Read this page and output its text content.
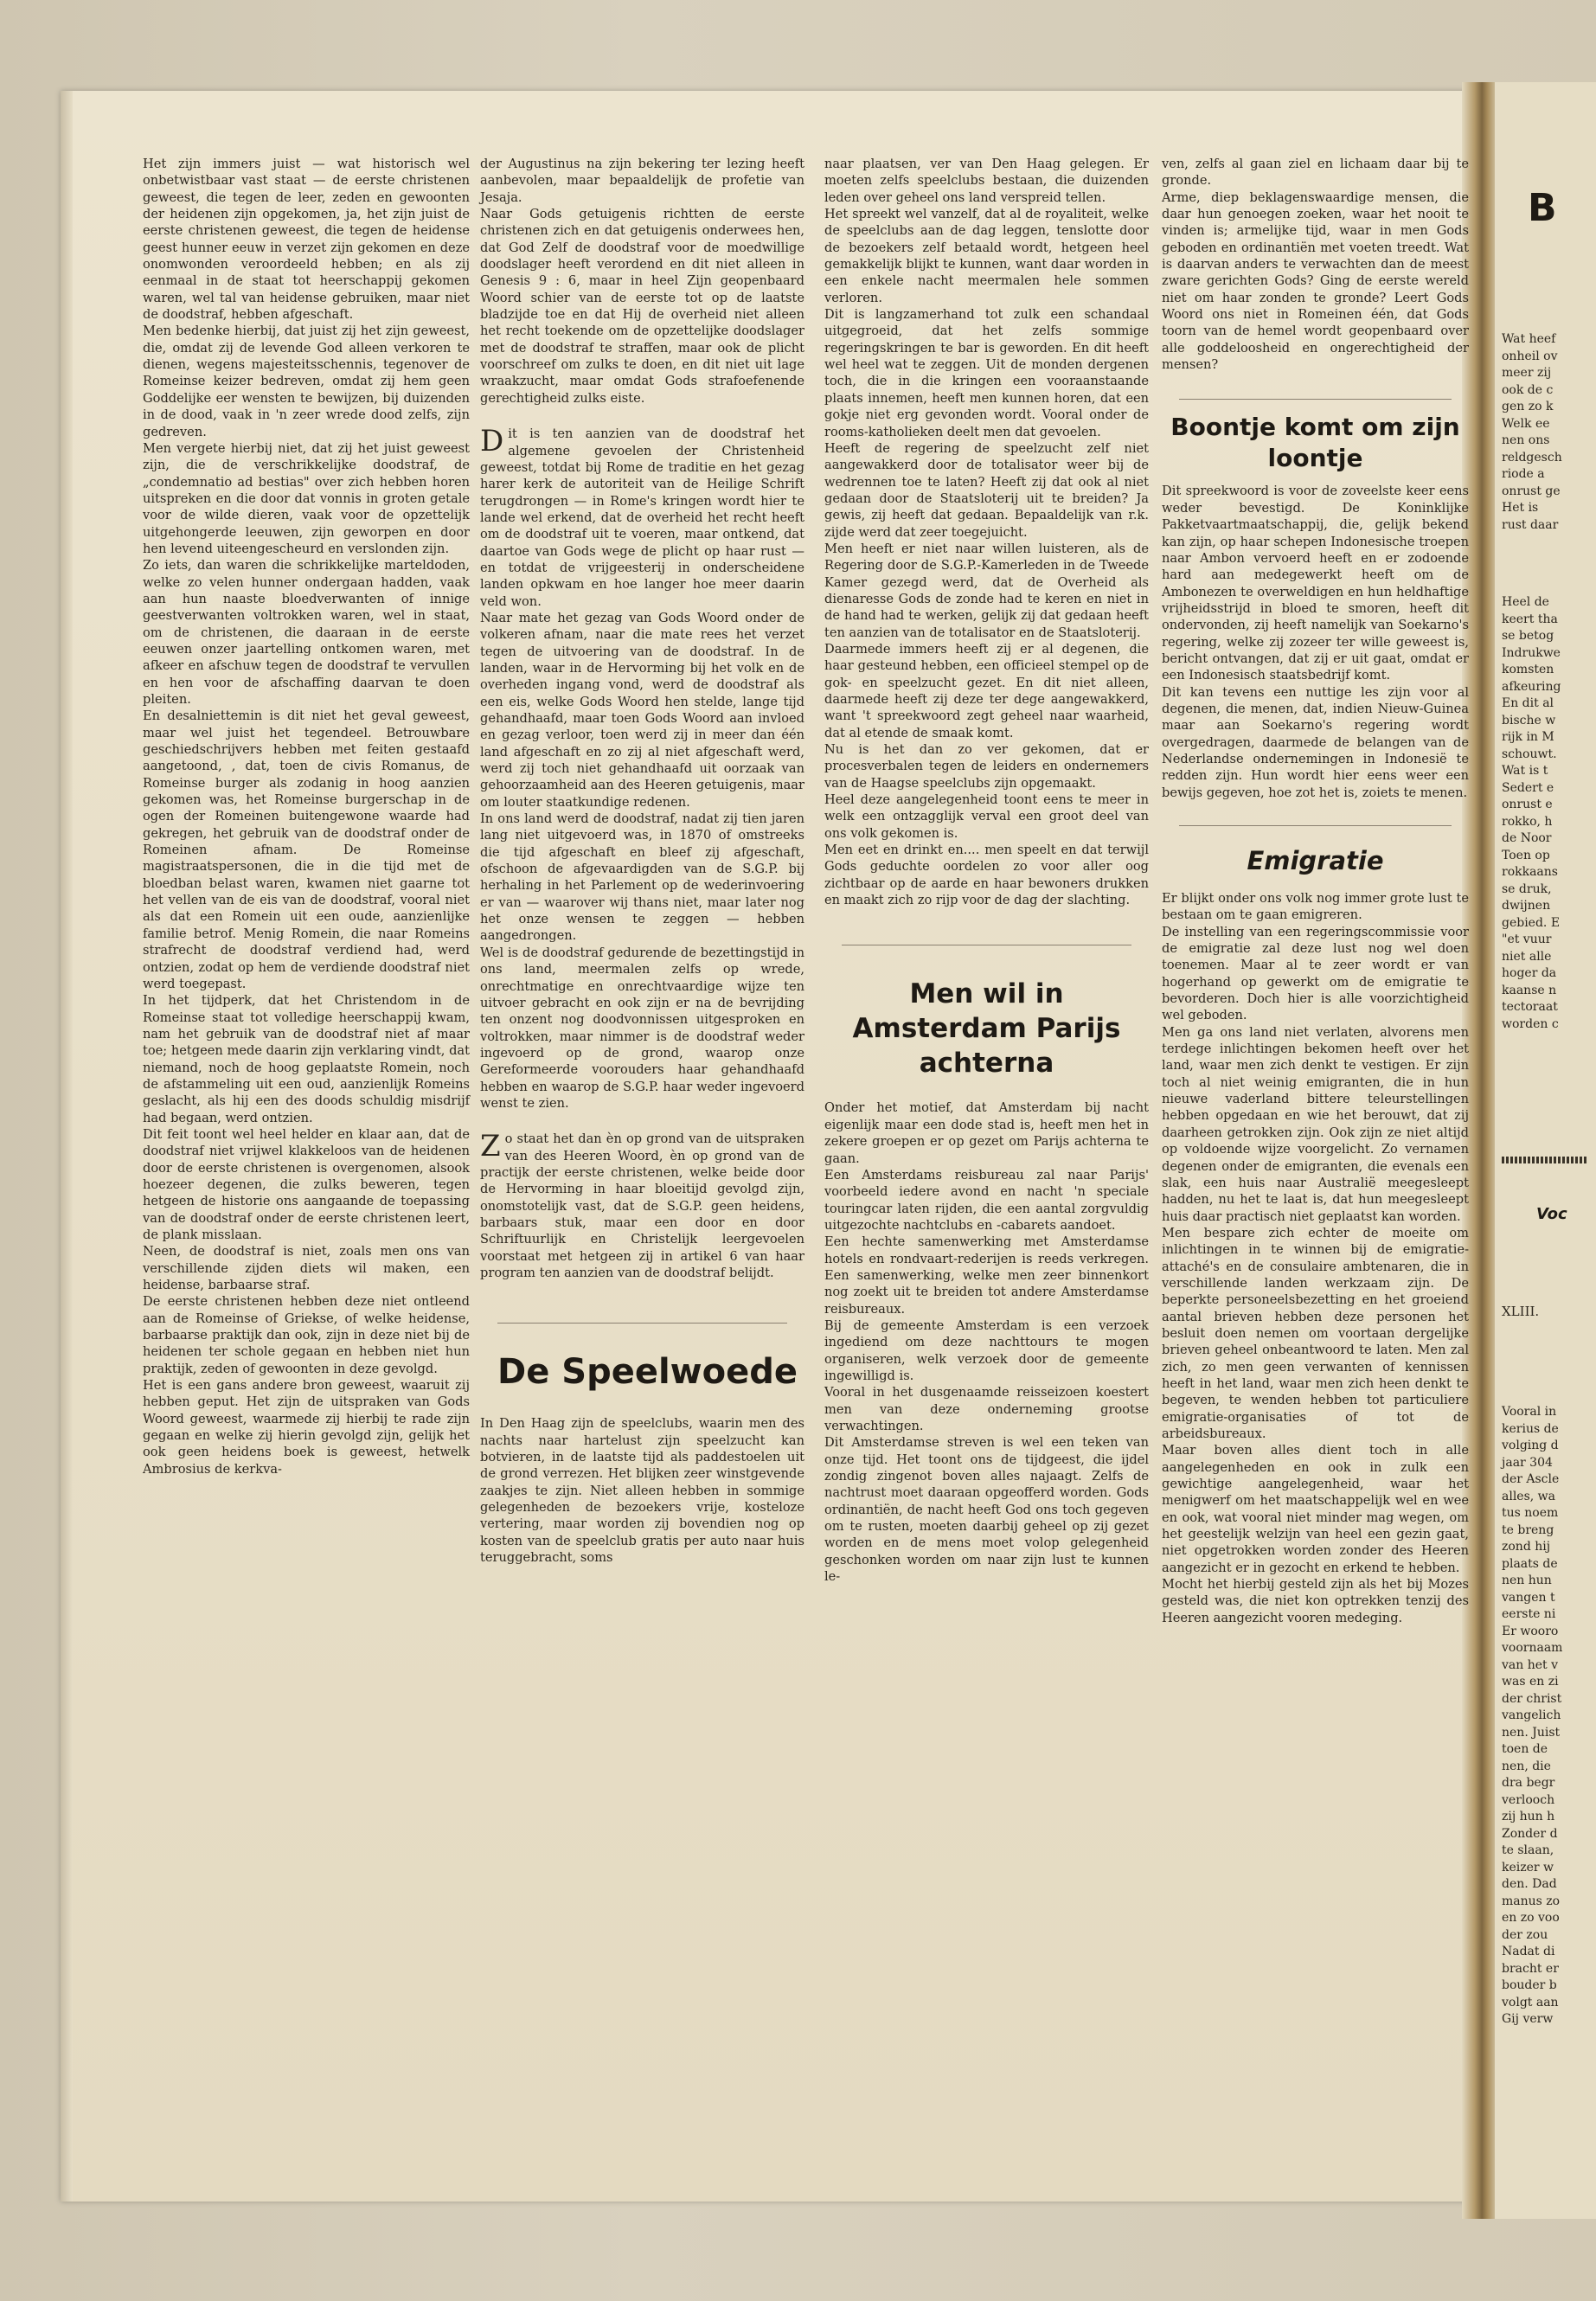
B
Wat heef
onheil ov
meer zij
ook de c
gen zo k
Welk ee
nen ons
reldgesch
riode a
onrust ge
Het is
rust daar
Heel de
keert tha
se betog
Indrukwe
komsten
afkeuring
En dit al
bische w
rijk in M
schouwt.
Wat is t
Sedert e
onrust e
rokko, h
de Noor
Toen op
rokkaans
se druk,
dwijnen
gebied. E
"et vuur
niet alle
hoger da
kaanse n
tectoraat
worden c
Voc
XLIII.
Vooral in
kerius de
volging d
jaar 304
der Ascle
alles, wa
tus noem
te breng
zond hij
plaats de
nen hun
vangen t
eerste ni
Er wooro
voornaam
van het v
was en zi
der christ
vangelich
nen. Juist
toen de
nen, die
dra begr
verlooch
zij hun h
Zonder d
te slaan,
keizer w
den. Dad
manus zo
en zo voo
der zou
Nadat di
bracht er
bouder b
volgt aan
Gij verw

Het zijn immers juist — wat historisch wel onbetwistbaar vast staat — de eerste christenen geweest, die tegen de leer, zeden en gewoonten der heidenen zijn opgekomen, ja, het zijn juist de eerste christenen geweest, die tegen de heidense geest hunner eeuw in verzet zijn gekomen en deze onomwonden veroordeeld hebben; en als zij eenmaal in de staat tot heerschappij gekomen waren, wel tal van heidense gebruiken, maar niet de doodstraf, hebben afgeschaft.

Men bedenke hierbij, dat juist zij het zijn geweest, die, omdat zij de levende God alleen verkoren te dienen, wegens majesteitsschennis, tegenover de Romeinse keizer bedreven, omdat zij hem geen Goddelijke eer wensten te bewijzen, bij duizenden in de dood, vaak in 'n zeer wrede dood zelfs, zijn gedreven.

Men vergete hierbij niet, dat zij het juist geweest zijn, die de verschrikkelijke doodstraf, de „condemnatio ad bestias" over zich hebben horen uitspreken en die door dat vonnis in groten getale voor de wilde dieren, vaak voor de opzettelijk uitgehongerde leeuwen, zijn geworpen en door hen levend uiteengescheurd en verslonden zijn.

Zo iets, dan waren die schrikkelijke marteldoden, welke zo velen hunner ondergaan hadden, vaak aan hun naaste bloedverwanten of innige geestverwanten voltrokken waren, wel in staat, om de christenen, die daaraan in de eerste eeuwen onzer jaartelling ontkomen waren, met afkeer en afschuw tegen de doodstraf te vervullen en hen voor de afschaffing daarvan te doen pleiten.

En desalniettemin is dit niet het geval geweest, maar wel juist het tegendeel. Betrouwbare geschiedschrijvers hebben met feiten gestaafd aangetoond, , dat, toen de civis Romanus, de Romeinse burger als zodanig in hoog aanzien gekomen was, het Romeinse burgerschap in de ogen der Romeinen buitengewone waarde had gekregen, het gebruik van de doodstraf onder de Romeinen afnam. De Romeinse magistraatspersonen, die in die tijd met de bloedban belast waren, kwamen niet gaarne tot het vellen van de eis van de doodstraf, vooral niet als dat een Romein uit een oude, aanzienlijke familie betrof. Menig Romein, die naar Romeins strafrecht de doodstraf verdiend had, werd ontzien, zodat op hem de verdiende doodstraf niet werd toegepast.

In het tijdperk, dat het Christendom in de Romeinse staat tot volledige heerschappij kwam, nam het gebruik van de doodstraf niet af maar toe; hetgeen mede daarin zijn verklaring vindt, dat niemand, noch de hoog geplaatste Romein, noch de afstammeling uit een oud, aanzienlijk Romeins geslacht, als hij een des doods schuldig misdrijf had begaan, werd ontzien.

Dit feit toont wel heel helder en klaar aan, dat de doodstraf niet vrijwel klakkeloos van de heidenen door de eerste christenen is overgenomen, alsook hoezeer degenen, die zulks beweren, tegen hetgeen de historie ons aangaande de toepassing van de doodstraf onder de eerste christenen leert, de plank misslaan.

Neen, de doodstraf is niet, zoals men ons van verschillende zijden diets wil maken, een heidense, barbaarse straf.

De eerste christenen hebben deze niet ontleend aan de Romeinse of Griekse, of welke heidense, barbaarse praktijk dan ook, zijn in deze niet bij de heidenen ter schole gegaan en hebben niet hun praktijk, zeden of gewoonten in deze gevolgd.

Het is een gans andere bron geweest, waaruit zij hebben geput. Het zijn de uitspraken van Gods Woord geweest, waarmede zij hierbij te rade zijn gegaan en welke zij hierin gevolgd zijn, gelijk het ook geen heidens boek is geweest, hetwelk Ambrosius de kerkva-

der Augustinus na zijn bekering ter lezing heeft aanbevolen, maar bepaaldelijk de profetie van Jesaja.

Naar Gods getuigenis richtten de eerste christenen zich en dat getuigenis onderwees hen, dat God Zelf de doodstraf voor de moedwillige doodslager heeft verordend en dit niet alleen in Genesis 9 : 6, maar in heel Zijn geopenbaard Woord schier van de eerste tot op de laatste bladzijde toe en dat Hij de overheid niet alleen het recht toekende om de opzettelijke doodslager met de doodstraf te straffen, maar ook de plicht voorschreef om zulks te doen, en dit niet uit lage wraakzucht, maar omdat Gods strafoefenende gerechtigheid zulks eiste.

Dit is ten aanzien van de doodstraf het algemene gevoelen der Christenheid geweest, totdat bij Rome de traditie en het gezag harer kerk de autoriteit van de Heilige Schrift terugdrongen — in Rome's kringen wordt hier te lande wel erkend, dat de overheid het recht heeft om de doodstraf uit te voeren, maar ontkend, dat daartoe van Gods wege de plicht op haar rust — en totdat de vrijgeesterij in onderscheidene landen opkwam en hoe langer hoe meer daarin veld won.

Naar mate het gezag van Gods Woord onder de volkeren afnam, naar die mate rees het verzet tegen de uitvoering van de doodstraf. In de landen, waar in de Hervorming bij het volk en de overheden ingang vond, werd de doodstraf als een eis, welke Gods Woord hen stelde, lange tijd gehandhaafd, maar toen Gods Woord aan invloed en gezag verloor, toen werd zij in meer dan één land afgeschaft en zo zij al niet afgeschaft werd, werd zij toch niet gehandhaafd uit oorzaak van gehoorzaamheid aan des Heeren getuigenis, maar om louter staatkundige redenen.

In ons land werd de doodstraf, nadat zij tien jaren lang niet uitgevoerd was, in 1870 of omstreeks die tijd afgeschaft en bleef zij afgeschaft, ofschoon de afgevaardigden van de S.G.P. bij herhaling in het Parlement op de wederinvoering er van — waarover wij thans niet, maar later nog het onze wensen te zeggen — hebben aangedrongen.

Wel is de doodstraf gedurende de bezettingstijd in ons land, meermalen zelfs op wrede, onrechtmatige en onrechtvaardige wijze ten uitvoer gebracht en ook zijn er na de bevrijding ten onzent nog doodvonnissen uitgesproken en voltrokken, maar nimmer is de doodstraf weder ingevoerd op de grond, waarop onze Gereformeerde voorouders haar gehandhaafd hebben en waarop de S.G.P. haar weder ingevoerd wenst te zien.

Zo staat het dan èn op grond van de uitspraken van des Heeren Woord, èn op grond van de practijk der eerste christenen, welke beide door de Hervorming in haar bloeitijd gevolgd zijn, onomstotelijk vast, dat de S.G.P. geen heidens, barbaars stuk, maar een door en door Schriftuurlijk en Christelijk leergevoelen voorstaat met hetgeen zij in artikel 6 van haar program ten aanzien van de doodstraf belijdt.

De Speelwoede

In Den Haag zijn de speelclubs, waarin men des nachts naar hartelust zijn speelzucht kan botvieren, in de laatste tijd als paddestoelen uit de grond verrezen. Het blijken zeer winstgevende zaakjes te zijn. Niet alleen hebben in sommige gelegenheden de bezoekers vrije, kosteloze vertering, maar worden zij bovendien nog op kosten van de speelclub gratis per auto naar huis teruggebracht, soms

naar plaatsen, ver van Den Haag gelegen. Er moeten zelfs speelclubs bestaan, die duizenden leden over geheel ons land verspreid tellen.

Het spreekt wel vanzelf, dat al de royaliteit, welke de speelclubs aan de dag leggen, tenslotte door de bezoekers zelf betaald wordt, hetgeen heel gemakkelijk blijkt te kunnen, want daar worden in een enkele nacht meermalen hele sommen verloren.

Dit is langzamerhand tot zulk een schandaal uitgegroeid, dat het zelfs sommige regeringskringen te bar is geworden. En dit heeft wel heel wat te zeggen. Uit de monden dergenen toch, die in die kringen een vooraanstaande plaats innemen, heeft men kunnen horen, dat een gokje niet erg gevonden wordt. Vooral onder de rooms-katholieken deelt men dat gevoelen.

Heeft de regering de speelzucht zelf niet aangewakkerd door de totalisator weer bij de wedrennen toe te laten? Heeft zij dat ook al niet gedaan door de Staatsloterij uit te breiden? Ja gewis, zij heeft dat gedaan. Bepaaldelijk van r.k. zijde werd dat zeer toegejuicht.

Men heeft er niet naar willen luisteren, als de Regering door de S.G.P.-Kamerleden in de Tweede Kamer gezegd werd, dat de Overheid als dienaresse Gods de zonde had te keren en niet in de hand had te werken, gelijk zij dat gedaan heeft ten aanzien van de totalisator en de Staatsloterij.

Daarmede immers heeft zij er al degenen, die haar gesteund hebben, een officieel stempel op de gok- en speelzucht gezet. En dit niet alleen, daarmede heeft zij deze ter dege aangewakkerd, want 't spreekwoord zegt geheel naar waarheid, dat al etende de smaak komt.

Nu is het dan zo ver gekomen, dat er procesverbalen tegen de leiders en ondernemers van de Haagse speelclubs zijn opgemaakt.

Heel deze aangelegenheid toont eens te meer in welk een ontzagglijk verval een groot deel van ons volk gekomen is.

Men eet en drinkt en.... men speelt en dat terwijl Gods geduchte oordelen zo voor aller oog zichtbaar op de aarde en haar bewoners drukken en maakt zich zo rijp voor de dag der slachting.

Men wil in Amsterdam Parijs achterna

Onder het motief, dat Amsterdam bij nacht eigenlijk maar een dode stad is, heeft men het in zekere groepen er op gezet om Parijs achterna te gaan.

Een Amsterdams reisbureau zal naar Parijs' voorbeeld iedere avond en nacht 'n speciale touringcar laten rijden, die een aantal zorgvuldig uitgezochte nachtclubs en -cabarets aandoet.

Een hechte samenwerking met Amsterdamse hotels en rondvaart-rederijen is reeds verkregen. Een samenwerking, welke men zeer binnenkort nog zoekt uit te breiden tot andere Amsterdamse reisbureaux.

Bij de gemeente Amsterdam is een verzoek ingediend om deze nachttours te mogen organiseren, welk verzoek door de gemeente ingewilligd is.

Vooral in het dusgenaamde reisseizoen koestert men van deze onderneming grootse verwachtingen.

Dit Amsterdamse streven is wel een teken van onze tijd. Het toont ons de tijdgeest, die ijdel zondig zingenot boven alles najaagt. Zelfs de nachtrust moet daaraan opgeofferd worden. Gods ordinantiën, de nacht heeft God ons toch gegeven om te rusten, moeten daarbij geheel op zij gezet worden en de mens moet volop gelegenheid geschonken worden om naar zijn lust te kunnen le-

ven, zelfs al gaan ziel en lichaam daar bij te gronde.

Arme, diep beklagenswaardige mensen, die daar hun genoegen zoeken, waar het nooit te vinden is; armelijke tijd, waar in men Gods geboden en ordinantiën met voeten treedt. Wat is daarvan anders te verwachten dan de meest zware gerichten Gods? Ging de eerste wereld niet om haar zonden te gronde? Leert Gods Woord ons niet in Romeinen één, dat Gods toorn van de hemel wordt geopenbaard over alle goddeloosheid en ongerechtigheid der mensen?

Boontje komt om zijn loontje

Dit spreekwoord is voor de zoveelste keer eens weder bevestigd. De Koninklijke Pakketvaartmaatschappij, die, gelijk bekend kan zijn, op haar schepen Indonesische troepen naar Ambon vervoerd heeft en er zodoende hard aan medegewerkt heeft om de Ambonezen te overweldigen en hun heldhaftige vrijheidsstrijd in bloed te smoren, heeft dit ondervonden, zij heeft namelijk van Soekarno's regering, welke zij zozeer ter wille geweest is, bericht ontvangen, dat zij er uit gaat, omdat er een Indonesisch staatsbedrijf komt.

Dit kan tevens een nuttige les zijn voor al degenen, die menen, dat, indien Nieuw-Guinea maar aan Soekarno's regering wordt overgedragen, daarmede de belangen van de Nederlandse ondernemingen in Indonesië te redden zijn. Hun wordt hier eens weer een bewijs gegeven, hoe zot het is, zoiets te menen.

Emigratie

Er blijkt onder ons volk nog immer grote lust te bestaan om te gaan emigreren.

De instelling van een regeringscommissie voor de emigratie zal deze lust nog wel doen toenemen. Maar al te zeer wordt er van hogerhand op gewerkt om de emigratie te bevorderen. Doch hier is alle voorzichtigheid wel geboden.

Men ga ons land niet verlaten, alvorens men terdege inlichtingen bekomen heeft over het land, waar men zich denkt te vestigen. Er zijn toch al niet weinig emigranten, die in hun nieuwe vaderland bittere teleurstellingen hebben opgedaan en wie het berouwt, dat zij daarheen getrokken zijn. Ook zijn ze niet altijd op voldoende wijze voorgelicht. Zo vernamen degenen onder de emigranten, die evenals een slak, een huis naar Australië meegesleept hadden, nu het te laat is, dat hun meegesleept huis daar practisch niet geplaatst kan worden.

Men bespare zich echter de moeite om inlichtingen in te winnen bij de emigratie-attaché's en de consulaire ambtenaren, die in verschillende landen werkzaam zijn. De beperkte personeelsbezetting en het groeiend aantal brieven hebben deze personen het besluit doen nemen om voortaan dergelijke brieven geheel onbeantwoord te laten. Men zal zich, zo men geen verwanten of kennissen heeft in het land, waar men zich heen denkt te begeven, te wenden hebben tot particuliere emigratie-organisaties of tot de arbeidsbureaux.

Maar boven alles dient toch in alle aangelegenheden en ook in zulk een gewichtige aangelegenheid, waar het menigwerf om het maatschappelijk wel en wee en ook, wat vooral niet minder mag wegen, om het geestelijk welzijn van heel een gezin gaat, niet opgetrokken worden zonder des Heeren aangezicht er in gezocht en erkend te hebben.

Mocht het hierbij gesteld zijn als het bij Mozes gesteld was, die niet kon optrekken tenzij des Heeren aangezicht vooren medeging.
